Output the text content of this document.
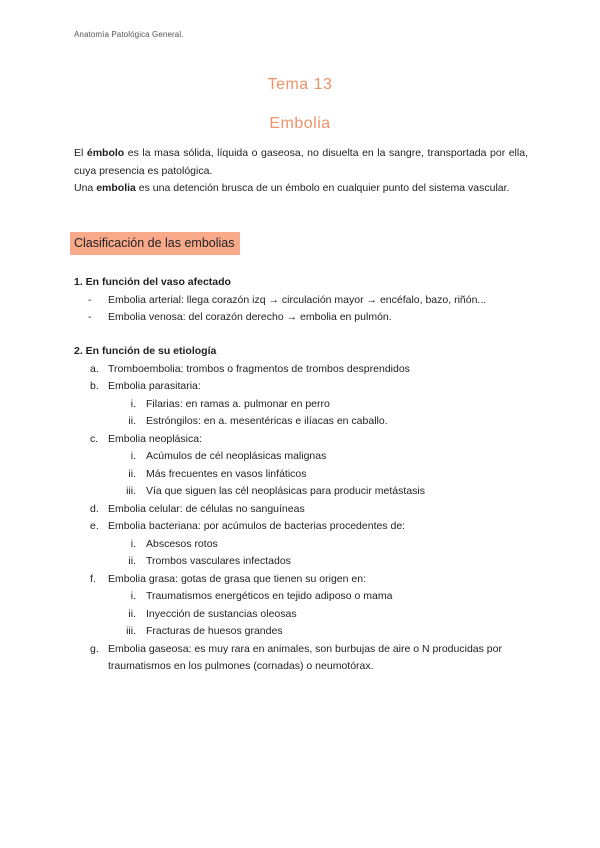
Anatomía Patológica General.
Tema 13
Embolia

El émbolo es la masa sólida, líquida o gaseosa, no disuelta en la sangre, transportada por ella, cuya presencia es patológica.

Una embolia es una detención brusca de un émbolo en cualquier punto del sistema vascular.

Clasificación de las embolias
1. En función del vaso afectado
- Embolia arterial: llega corazón izq → circulación mayor → encéfalo, bazo, riñón...
- Embolia venosa: del corazón derecho → embolia en pulmón.
2. En función de su etiología
a. Tromboembolia: trombos o fragmentos de trombos desprendidos
b. Embolia parasitaria:
i. Filarias: en ramas a. pulmonar en perro
ii. Estróngilos: en a. mesentéricas e ilíacas en caballo.
c. Embolia neoplásica:
i. Acúmulos de cél neoplásicas malignas
ii. Más frecuentes en vasos linfáticos
iii. Vía que siguen las cél neoplásicas para producir metástasis
d. Embolia celular: de células no sanguíneas
e. Embolia bacteriana: por acúmulos de bacterias procedentes de:
i. Abscesos rotos
ii. Trombos vasculares infectados
f. Embolia grasa: gotas de grasa que tienen su origen en:
i. Traumatismos energéticos en tejido adiposo o mama
ii. Inyección de sustancias oleosas
iii. Fracturas de huesos grandes
g. Embolia gaseosa: es muy rara en animales, son burbujas de aire o N producidas por traumatismos en los pulmones (cornadas) o neumotórax.
